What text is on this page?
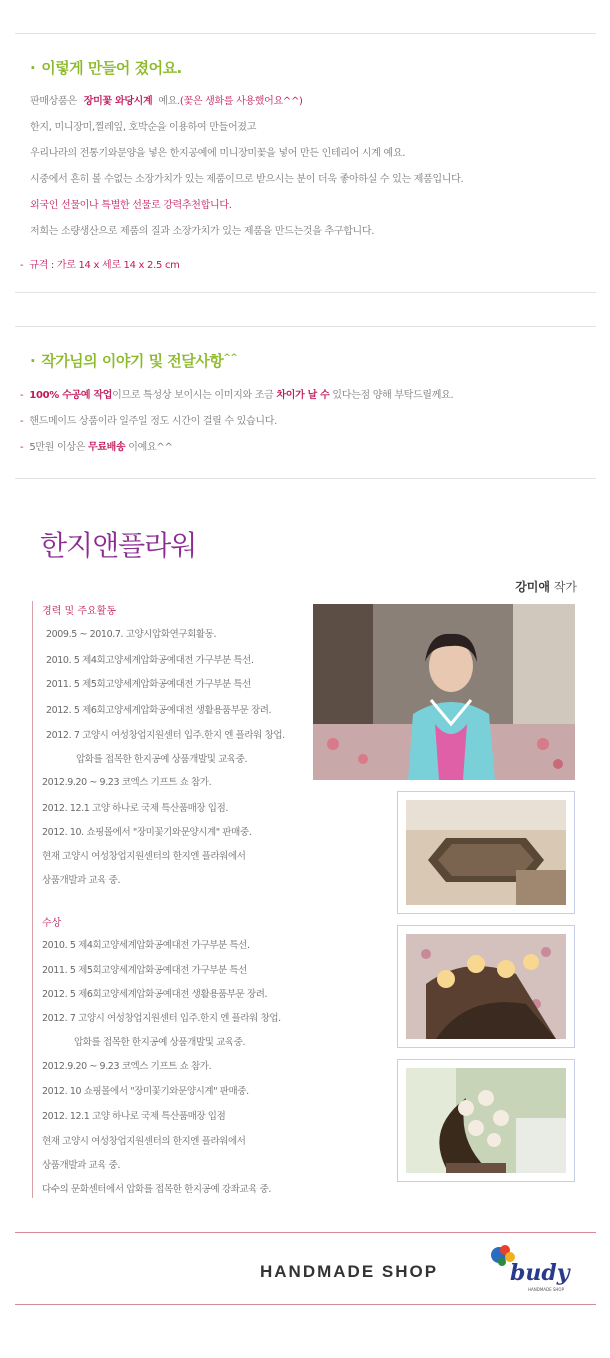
· 이렇게 만들어 졌어요.
판매상품은 장미꽃 와당시계 예요.(꽃은 생화를 사용했어요^^)
한지, 미니장미,찔레잎, 호박순을 이용하여 만들어졌고
우리나라의 전통기와문양을 넣은 한지공예에 미니장미꽃을 넣어 만든 인테리어 시계 예요.
시중에서 흔히 볼 수없는 소장가치가 있는 제품이므로 받으시는 분이 더욱 좋아하실 수 있는 제품입니다.
외국인 선물이나 특별한 선물로 강력추천합니다.
저희는 소량생산으로 제품의 질과 소장가치가 있는 제품을 만드는것을 추구합니다.
- 규격 : 가로 14 x 세로 14 x 2.5 cm
· 작가님의 이야기 및 전달사항^^
- 100% 수공예 작업이므로 특성상 보이시는 이미지와 조금 차이가 날 수 있다는점 양해 부탁드릴께요.
- 핸드메이드 상품이라 일주일 정도 시간이 걸릴 수 있습니다.
- 5만원 이상은 무료배송 이예요^^
한지앤플라워
강미애 작가
경력 및 주요활동
2009.5 ~ 2010.7. 고양시압화연구회활동.
2010. 5 제4회고양세계압화공예대전 가구부분 특선.
2011. 5 제5회고양세계압화공예대전 가구부분 특선
2012. 5 제6회고양세계압화공예대전 생활용품부문 장려.
2012. 7 고양시 여성창업지원센터 입주.한지 엔 플라워 창업.
압화를 접목한 한지공예 상품개발및 교육중.
2012.9.20 ~ 9.23 코엑스 기프트 쇼 참가.
2012. 12.1 고양 하나로 국제 특산품매장 입점.
2012. 10. 쇼핑몰에서 "장미꽃기와문양시계" 판매중.
현재 고양시 여성창업지원센터의 한지엔 플라워에서
상품개발과 교육 중.
수상
2010. 5 제4회고양세계압화공예대전 가구부분 특선.
2011. 5 제5회고양세계압화공예대전 가구부분 특선
2012. 5 제6회고양세계압화공예대전 생활용품부문 장려.
2012. 7 고양시 여성창업지원센터 입주.한지 엔 플라워 창업.
압화를 접목한 한지공예 상품개발및 교육중.
2012.9.20 ~ 9.23 코엑스 기프트 쇼 참가.
2012. 10 쇼핑몰에서 "장미꽃기와문양시계" 판매중.
2012. 12.1 고양 하나로 국제 특산품매장 입점
현재 고양시 여성창업지원센터의 한지엔 플라워에서
상품개발과 교육 중.
다수의 문화센터에서 압화를 접목한 한지공예 강좌교육 중.
HANDMADE SHOP	budy
HANDMADE SHOP
